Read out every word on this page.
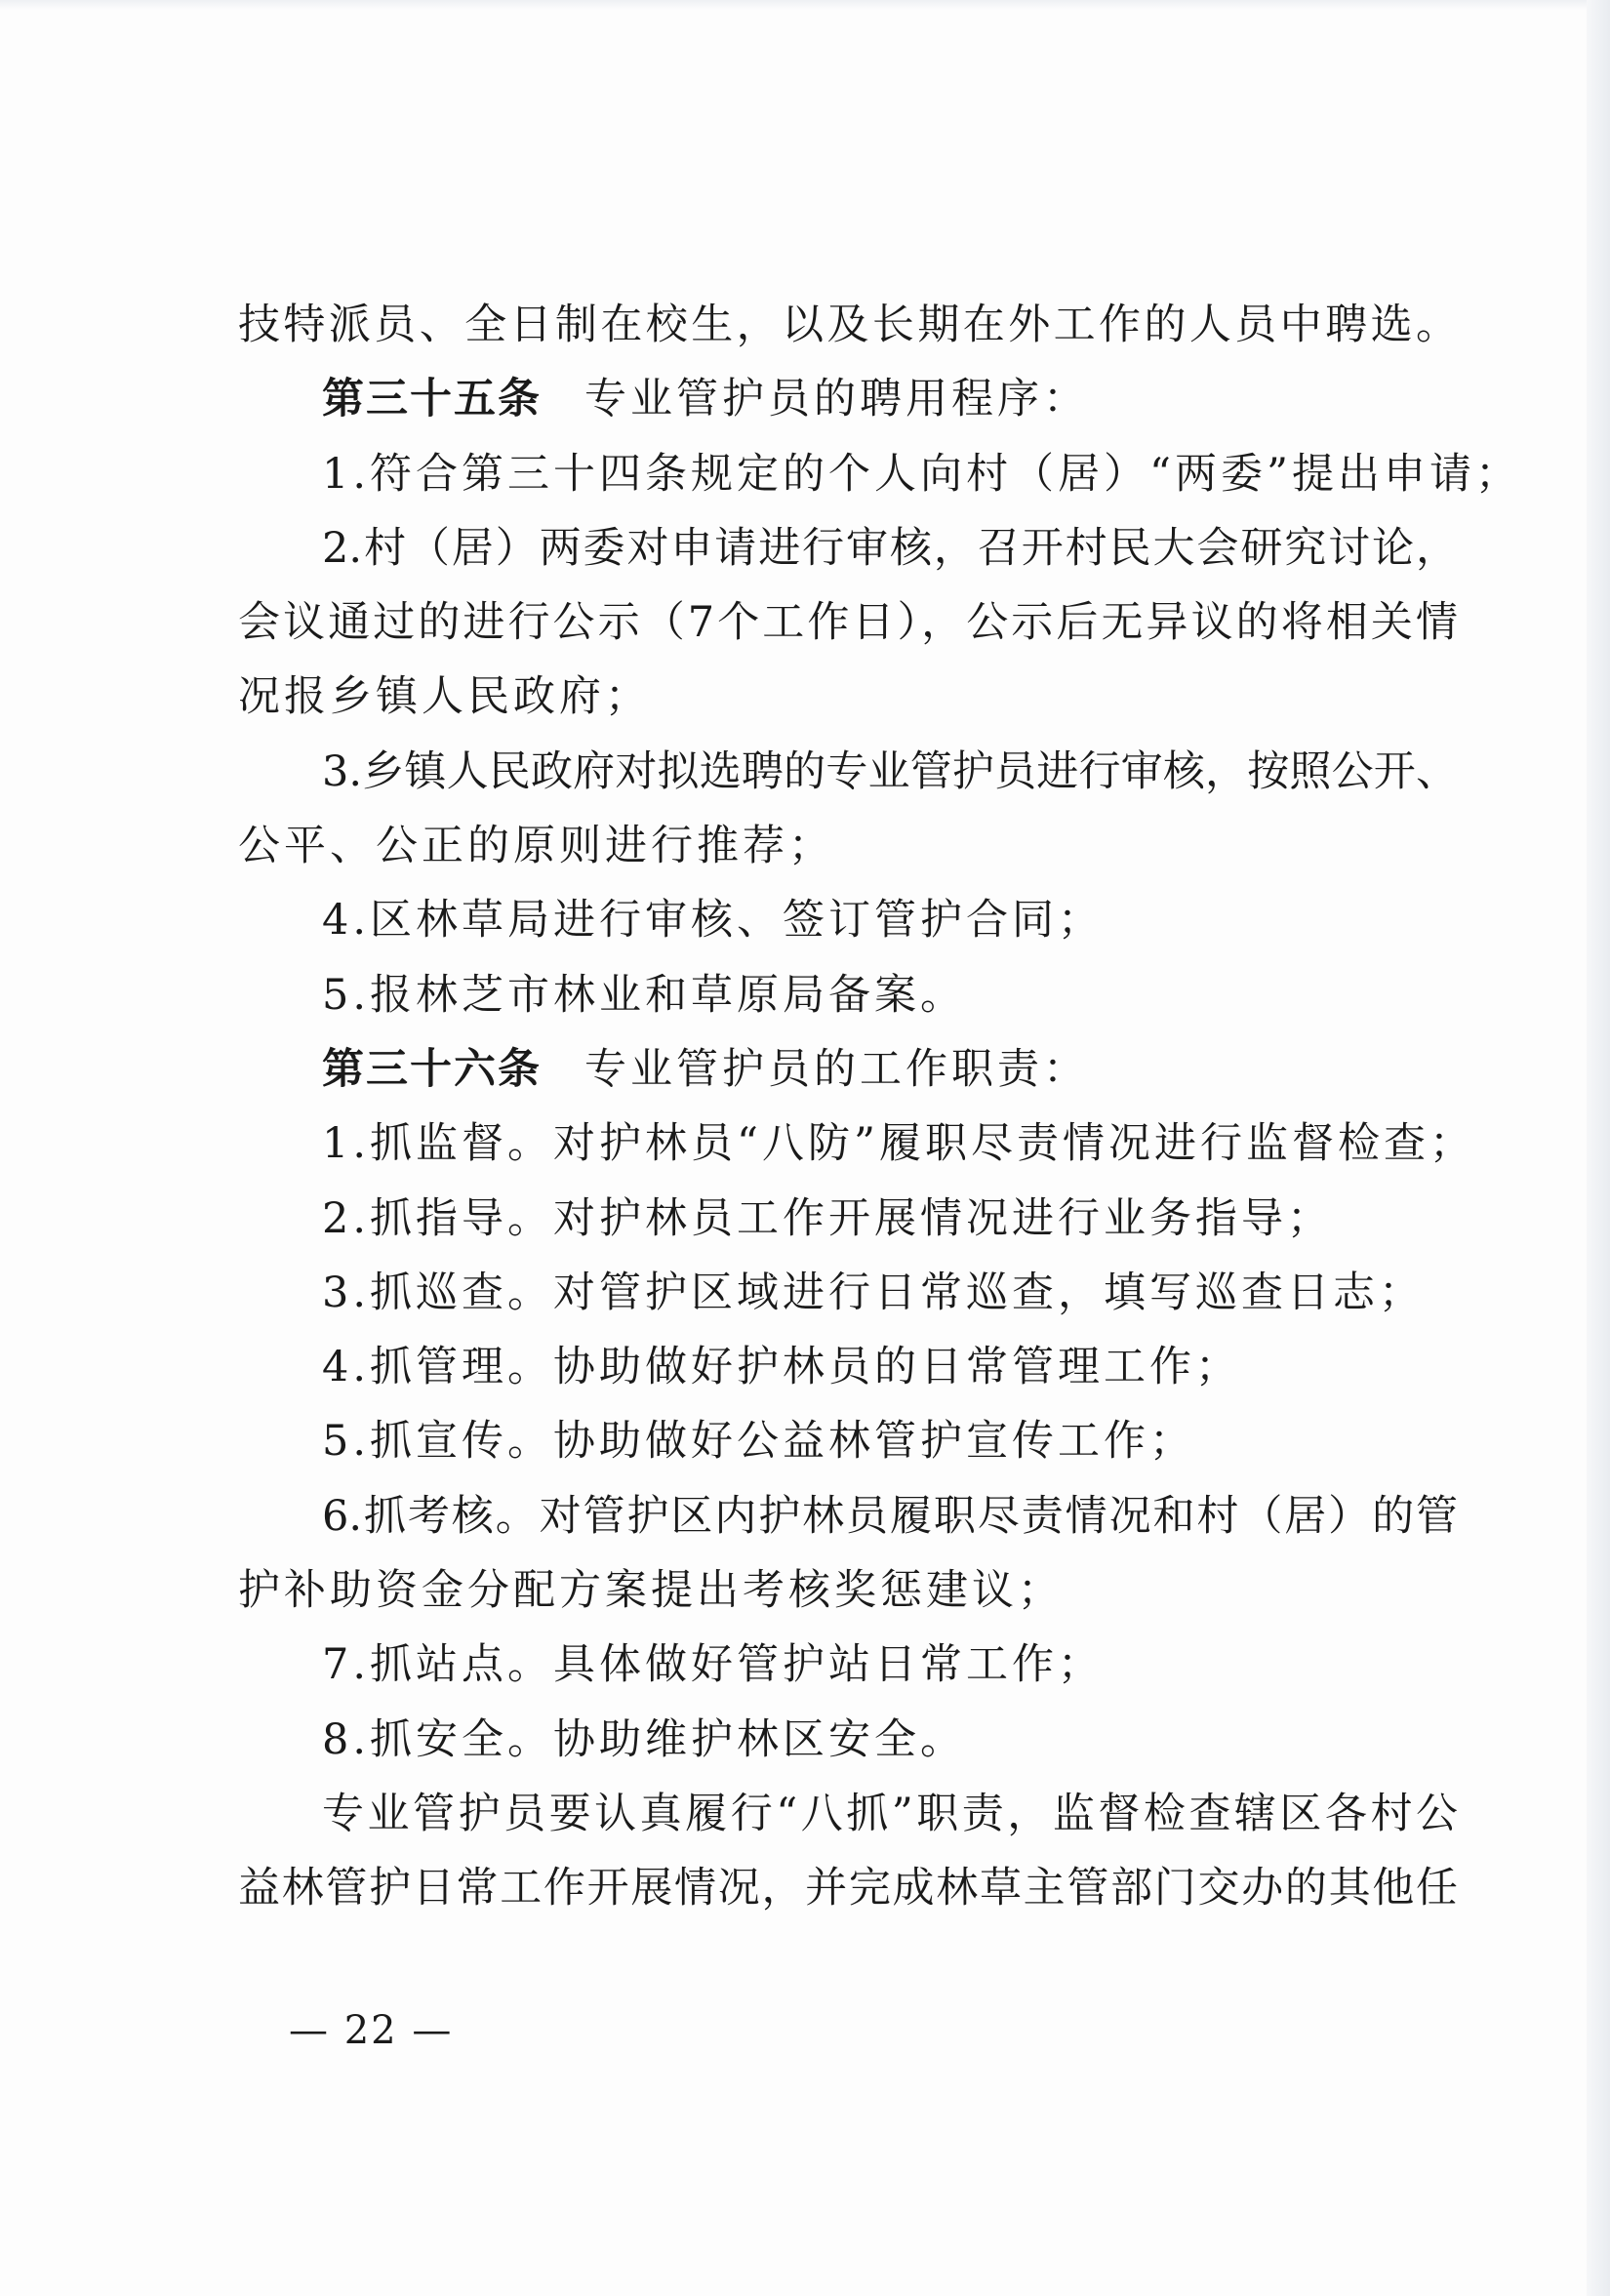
技特派员、全日制在校生，以及长期在外工作的人员中聘选。

第三十五条 专业管护员的聘用程序：

1.符合第三十四条规定的个人向村（居）“两委”提出申请；

2.村（居）两委对申请进行审核，召开村民大会研究讨论，

会议通过的进行公示（7个工作日），公示后无异议的将相关情

况报乡镇人民政府；

3.乡镇人民政府对拟选聘的专业管护员进行审核，按照公开、

公平、公正的原则进行推荐；

4.区林草局进行审核、签订管护合同；

5.报林芝市林业和草原局备案。

第三十六条 专业管护员的工作职责：

1.抓监督。对护林员“八防”履职尽责情况进行监督检查；

2.抓指导。对护林员工作开展情况进行业务指导；

3.抓巡查。对管护区域进行日常巡查，填写巡查日志；

4.抓管理。协助做好护林员的日常管理工作；

5.抓宣传。协助做好公益林管护宣传工作；

6.抓考核。对管护区内护林员履职尽责情况和村（居）的管

护补助资金分配方案提出考核奖惩建议；

7.抓站点。具体做好管护站日常工作；

8.抓安全。协助维护林区安全。

专业管护员要认真履行“八抓”职责，监督检查辖区各村公

益林管护日常工作开展情况，并完成林草主管部门交办的其他任

— 22 —
